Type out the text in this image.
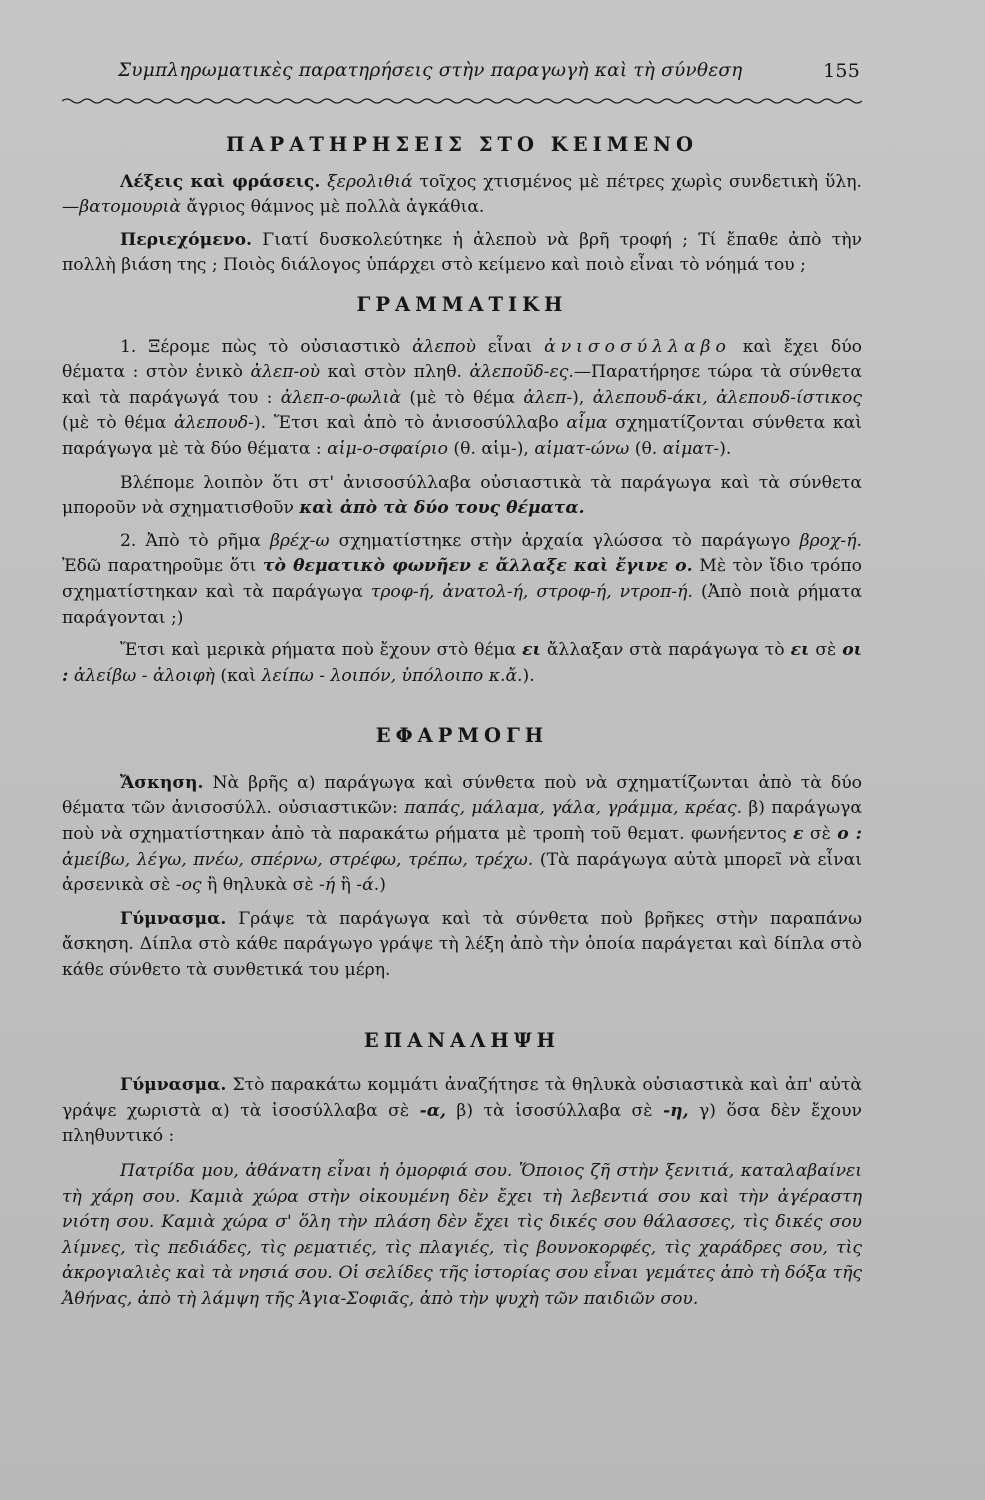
Συμπληρωματικὲς παρατηρήσεις στὴν παραγωγὴ καὶ τὴ σύνθεση	155
ΠΑΡΑΤΗΡΗΣΕΙΣ ΣΤΟ ΚΕΙΜΕΝΟ

Λέξεις καὶ φράσεις. ξερολιθιά τοῖχος χτισμένος μὲ πέτρες χωρὶς συνδετικὴ ὕλη.—βατομουριὰ ἄγριος θάμνος μὲ πολλὰ ἀγκάθια.

Περιεχόμενο. Γιατί δυσκολεύτηκε ἡ ἀλεποὺ νὰ βρῆ τροφή ; Τί ἔπαθε ἀπὸ τὴν πολλὴ βιάση της ; Ποιὸς διάλογος ὑπάρχει στὸ κείμενο καὶ ποιὸ εἶναι τὸ νόημά του ;

ΓΡΑΜΜΑΤΙΚΗ

1. Ξέρομε πὼς τὸ οὐσιαστικὸ ἀλεποὺ εἶναι ἀνισοσύλλαβο καὶ ἔχει δύο θέματα : στὸν ἑνικὸ ἀλεπ-οὺ καὶ στὸν πληθ. ἀλεποῦδ-ες.—Παρατήρησε τώρα τὰ σύνθετα καὶ τὰ παράγωγά του : ἀλεπ-ο-φωλιὰ (μὲ τὸ θέμα ἀλεπ-), ἀλεπουδ-άκι, ἀλεπουδ-ίστικος (μὲ τὸ θέμα ἀλεπουδ-). Ἔτσι καὶ ἀπὸ τὸ ἀνισοσύλλαβο αἷμα σχηματίζονται σύνθετα καὶ παράγωγα μὲ τὰ δύο θέματα : αἱμ-ο-σφαίριο (θ. αἱμ-), αἱματ-ώνω (θ. αἱματ-).

Βλέπομε λοιπὸν ὅτι στ' ἀνισοσύλλαβα οὐσιαστικὰ τὰ παράγωγα καὶ τὰ σύνθετα μποροῦν νὰ σχηματισθοῦν καὶ ἀπὸ τὰ δύο τους θέματα.

2. Ἀπὸ τὸ ρῆμα βρέχ-ω σχηματίστηκε στὴν ἀρχαία γλώσσα τὸ παράγωγο βροχ-ή. Ἐδῶ παρατηροῦμε ὅτι τὸ θεματικὸ φωνῆεν ε ἄλλαξε καὶ ἔγινε ο. Μὲ τὸν ἴδιο τρόπο σχηματίστηκαν καὶ τὰ παράγωγα τροφ-ή, ἀνατολ-ή, στροφ-ή, ντροπ-ή. (Ἀπὸ ποιὰ ρήματα παράγονται ;)

Ἔτσι καὶ μερικὰ ρήματα ποὺ ἔχουν στὸ θέμα ει ἄλλαξαν στὰ παράγωγα τὸ ει σὲ οι : ἀλείβω - ἀλοιφὴ (καὶ λείπω - λοιπόν, ὑπόλοιπο κ.ἄ.).

ΕΦΑΡΜΟΓΗ

Ἄσκηση. Νὰ βρῆς α) παράγωγα καὶ σύνθετα ποὺ νὰ σχηματίζωνται ἀπὸ τὰ δύο θέματα τῶν ἀνισοσύλλ. οὐσιαστικῶν: παπάς, μάλαμα, γάλα, γράμμα, κρέας. β) παράγωγα ποὺ νὰ σχηματίστηκαν ἀπὸ τὰ παρακάτω ρήματα μὲ τροπὴ τοῦ θεματ. φωνήεντος ε σὲ ο : ἀμείβω, λέγω, πνέω, σπέρνω, στρέφω, τρέπω, τρέχω. (Τὰ παράγωγα αὐτὰ μπορεῖ νὰ εἶναι ἀρσενικὰ σὲ -ος ἢ θηλυκὰ σὲ -ή ἢ -ά.)

Γύμνασμα. Γράψε τὰ παράγωγα καὶ τὰ σύνθετα ποὺ βρῆκες στὴν παραπάνω ἄσκηση. Δίπλα στὸ κάθε παράγωγο γράψε τὴ λέξη ἀπὸ τὴν ὁποία παράγεται καὶ δίπλα στὸ κάθε σύνθετο τὰ συνθετικά του μέρη.

ΕΠΑΝΑΛΗΨΗ

Γύμνασμα. Στὸ παρακάτω κομμάτι ἀναζήτησε τὰ θηλυκὰ οὐσιαστικὰ καὶ ἀπ' αὐτὰ γράψε χωριστὰ α) τὰ ἰσοσύλλαβα σὲ -α, β) τὰ ἰσοσύλλαβα σὲ -η, γ) ὅσα δὲν ἔχουν πληθυντικό :

Πατρίδα μου, ἀθάνατη εἶναι ἡ ὀμορφιά σου. Ὅποιος ζῆ στὴν ξενιτιά, καταλαβαίνει τὴ χάρη σου. Καμιὰ χώρα στὴν οἰκουμένη δὲν ἔχει τὴ λεβεντιά σου καὶ τὴν ἀγέραστη νιότη σου. Καμιὰ χώρα σ' ὅλη τὴν πλάση δὲν ἔχει τὶς δικές σου θάλασσες, τὶς δικές σου λίμνες, τὶς πεδιάδες, τὶς ρεματιές, τὶς πλαγιές, τὶς βουνοκορφές, τὶς χαράδρες σου, τὶς ἀκρογιαλιὲς καὶ τὰ νησιά σου. Οἱ σελίδες τῆς ἱστορίας σου εἶναι γεμάτες ἀπὸ τὴ δόξα τῆς Ἀθήνας, ἀπὸ τὴ λάμψη τῆς Ἁγια-Σοφιᾶς, ἀπὸ τὴν ψυχὴ τῶν παιδιῶν σου.
